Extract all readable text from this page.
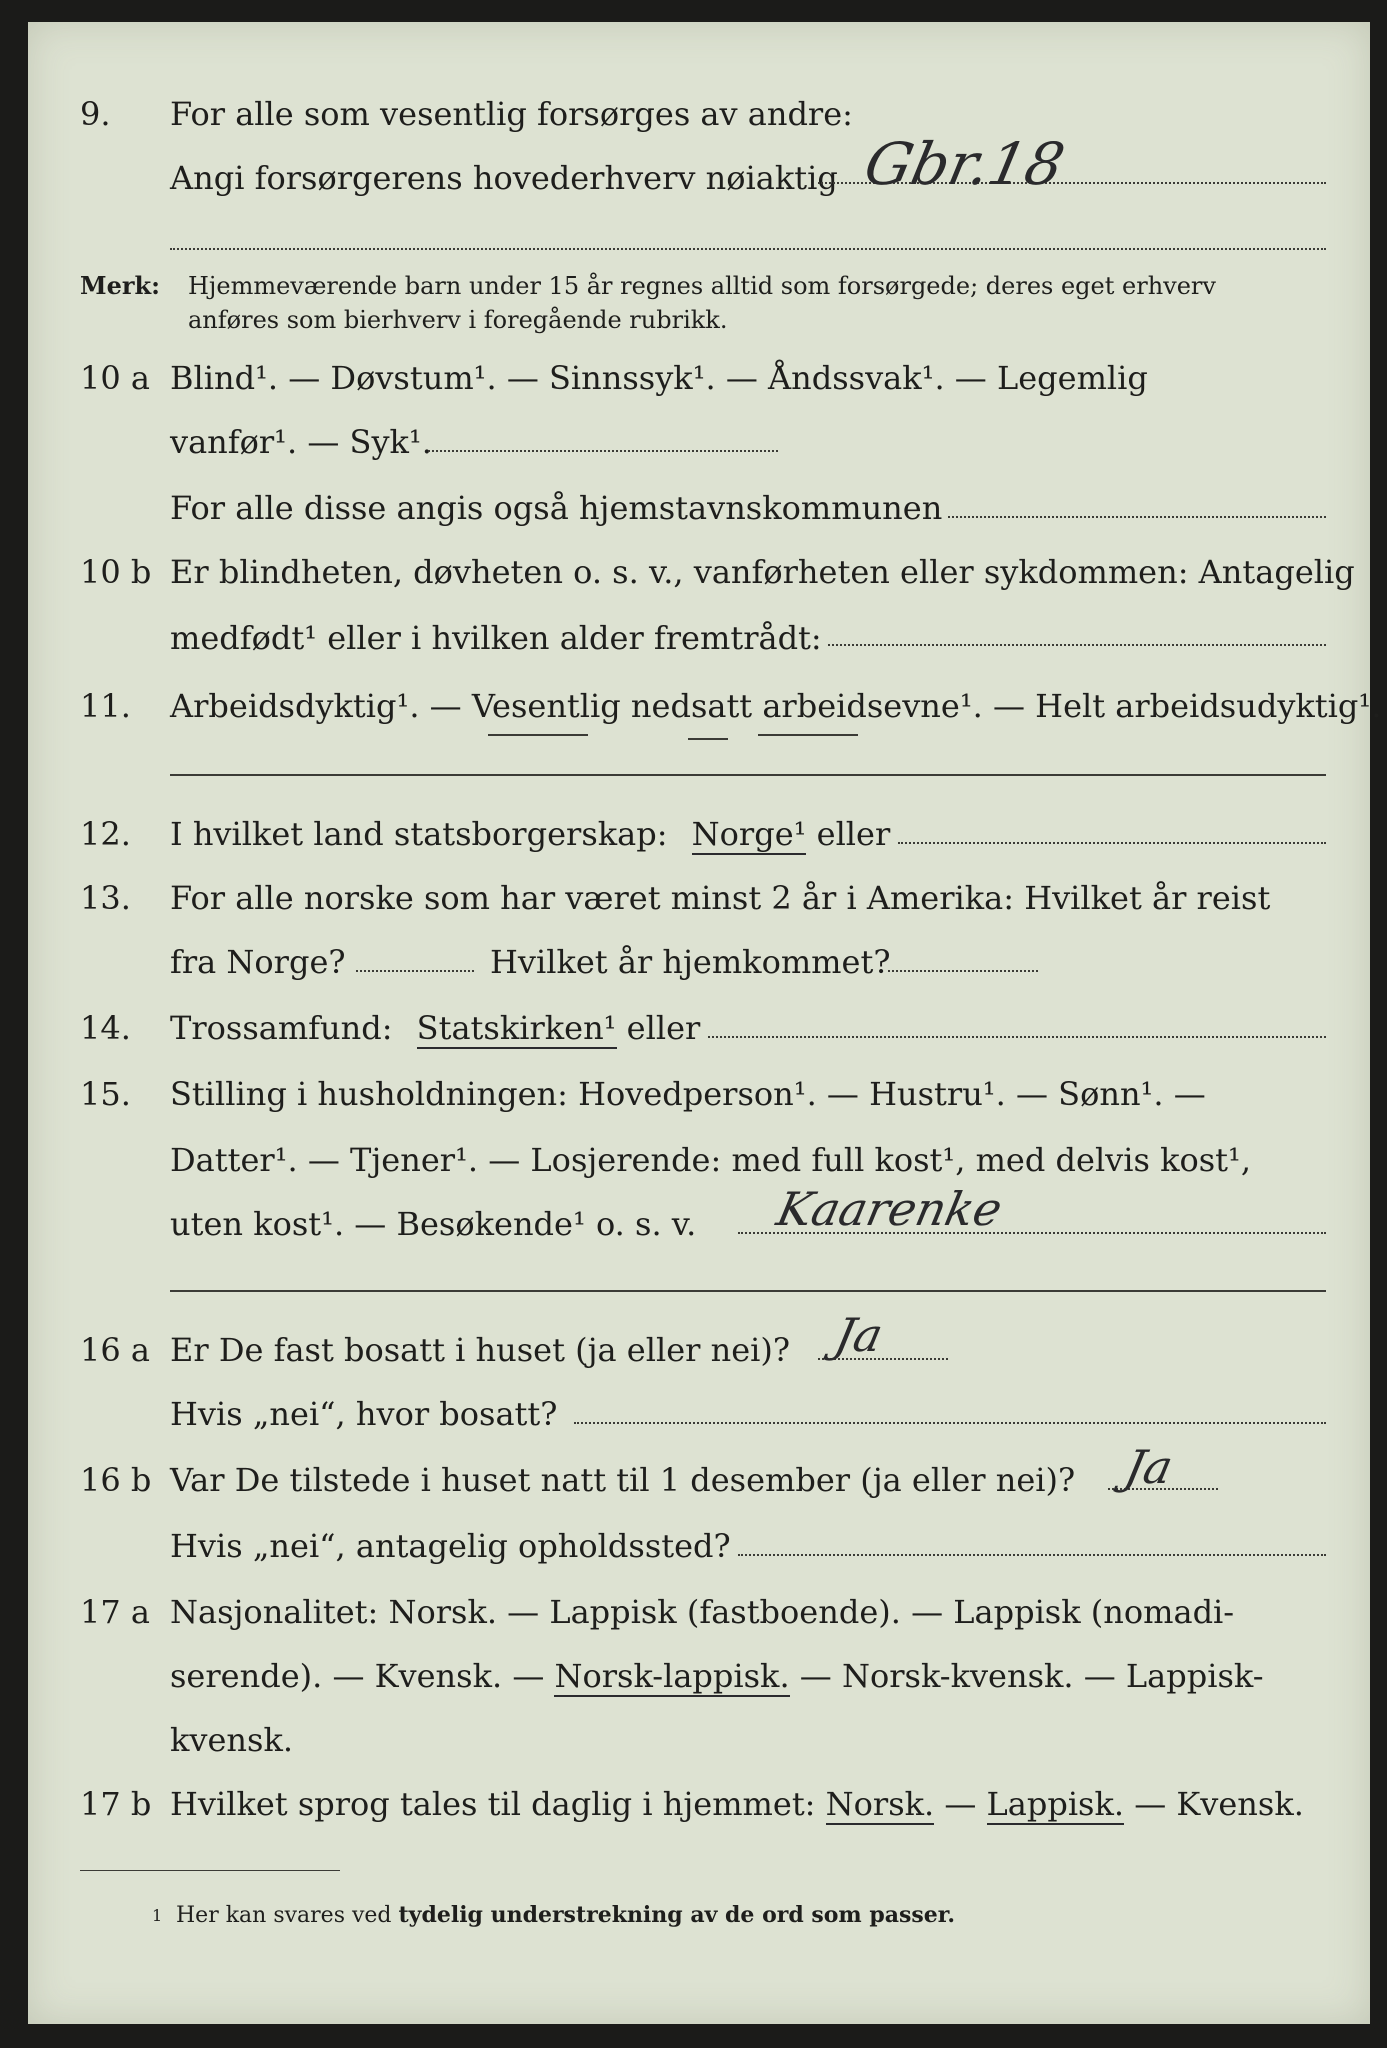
9. For alle som vesentlig forsørges av andre:
Angi forsørgerens hovederhverv nøiaktig Gbr.18
Merk: Hjemmeværende barn under 15 år regnes alltid som forsørgede; deres eget erhverv
anføres som bierhverv i foregående rubrikk.
10 a Blind¹. — Døvstum¹. — Sinnssyk¹. — Åndssvak¹. — Legemlig
vanfør¹. — Syk¹.
For alle disse angis også hjemstavnskommunen
10 b Er blindheten, døvheten o. s. v., vanførheten eller sykdommen: Antagelig
medfødt¹ eller i hvilken alder fremtrådt:
11. Arbeidsdyktig¹. — Vesentlig nedsatt arbeidsevne¹. — Helt arbeidsudyktig¹.
12. I hvilket land statsborgerskap: Norge¹ eller
13. For alle norske som har været minst 2 år i Amerika: Hvilket år reist
fra Norge?	Hvilket år hjemkommet?
14. Trossamfund: Statskirken¹ eller
15. Stilling i husholdningen: Hovedperson¹. — Hustru¹. — Sønn¹. —
Datter¹. — Tjener¹. — Losjerende: med full kost¹, med delvis kost¹,
uten kost¹. — Besøkende¹ o. s. v. Kaarenke
16 a Er De fast bosatt i huset (ja eller nei)? Ja
Hvis „nei“, hvor bosatt?
16 b Var De tilstede i huset natt til 1 desember (ja eller nei)? Ja
Hvis „nei“, antagelig opholdssted?
17 a Nasjonalitet: Norsk. — Lappisk (fastboende). — Lappisk (nomadi-
serende). — Kvensk. — Norsk-lappisk. — Norsk-kvensk. — Lappisk-
kvensk.
17 b Hvilket sprog tales til daglig i hjemmet: Norsk. — Lappisk. — Kvensk.
1 Her kan svares ved tydelig understrekning av de ord som passer.
